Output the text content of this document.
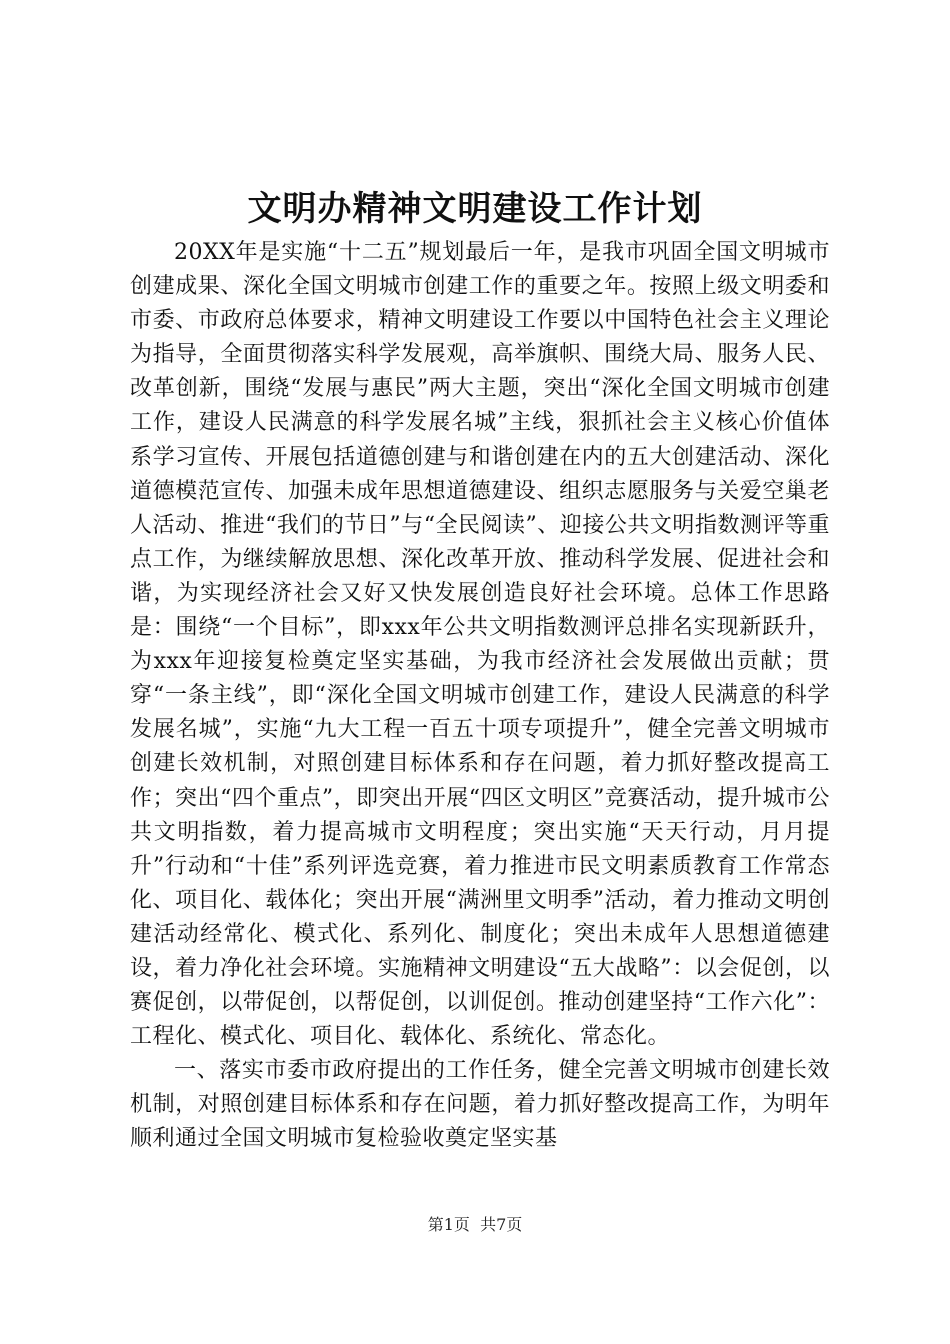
文明办精神文明建设工作计划

20XX年是实施“十二五”规划最后一年，是我市巩固全国文明城市创建成果、深化全国文明城市创建工作的重要之年。按照上级文明委和市委、市政府总体要求，精神文明建设工作要以中国特色社会主义理论为指导，全面贯彻落实科学发展观，高举旗帜、围绕大局、服务人民、改革创新，围绕“发展与惠民”两大主题，突出“深化全国文明城市创建工作，建设人民满意的科学发展名城”主线，狠抓社会主义核心价值体系学习宣传、开展包括道德创建与和谐创建在内的五大创建活动、深化道德模范宣传、加强未成年思想道德建设、组织志愿服务与关爱空巢老人活动、推进“我们的节日”与“全民阅读”、迎接公共文明指数测评等重点工作，为继续解放思想、深化改革开放、推动科学发展、促进社会和谐，为实现经济社会又好又快发展创造良好社会环境。总体工作思路是：围绕“一个目标”，即xxx年公共文明指数测评总排名实现新跃升，为xxx年迎接复检奠定坚实基础，为我市经济社会发展做出贡献；贯穿“一条主线”，即“深化全国文明城市创建工作，建设人民满意的科学发展名城”，实施“九大工程一百五十项专项提升”，健全完善文明城市创建长效机制，对照创建目标体系和存在问题，着力抓好整改提高工作；突出“四个重点”，即突出开展“四区文明区”竞赛活动，提升城市公共文明指数，着力提高城市文明程度；突出实施“天天行动，月月提升”行动和“十佳”系列评选竞赛，着力推进市民文明素质教育工作常态化、项目化、载体化；突出开展“满洲里文明季”活动，着力推动文明创建活动经常化、模式化、系列化、制度化；突出未成年人思想道德建设，着力净化社会环境。实施精神文明建设“五大战略”：以会促创，以赛促创，以带促创，以帮促创，以训促创。推动创建坚持“工作六化”：工程化、模式化、项目化、载体化、系统化、常态化。

一、落实市委市政府提出的工作任务，健全完善文明城市创建长效机制，对照创建目标体系和存在问题，着力抓好整改提高工作，为明年顺利通过全国文明城市复检验收奠定坚实基

第1页 共7页
